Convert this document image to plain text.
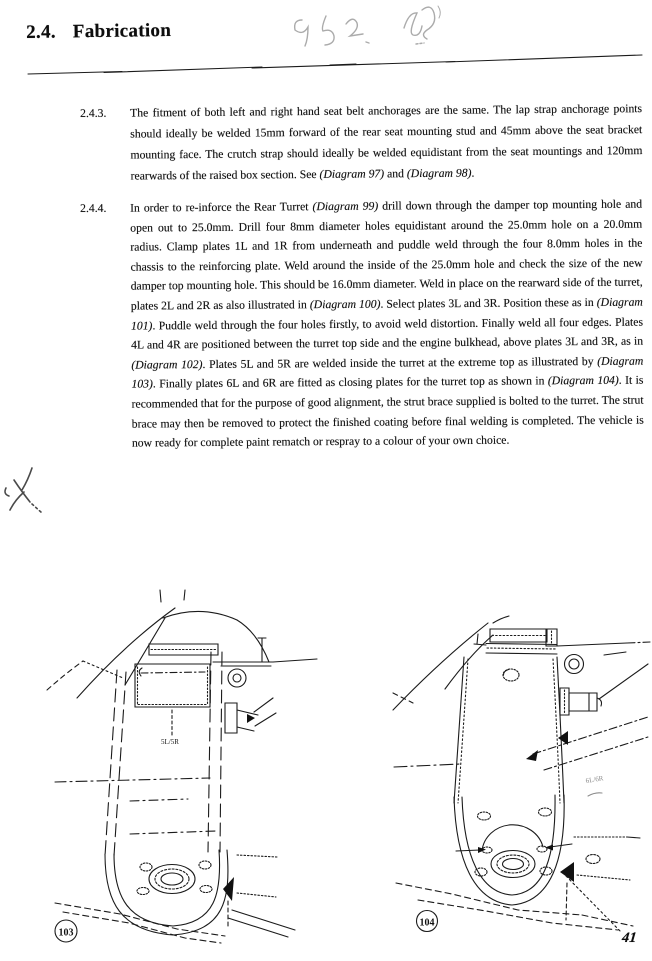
2.4. Fabrication
2.4.3.	The fitment of both left and right hand seat belt anchorages are the same. The lap strap anchorage points should ideally be welded 15mm forward of the rear seat mounting stud and 45mm above the seat bracket mounting face. The crutch strap should ideally be welded equidistant from the seat mountings and 120mm rearwards of the raised box section. See (Diagram 97) and (Diagram 98).
2.4.4.	In order to re-inforce the Rear Turret (Diagram 99) drill down through the damper top mounting hole and open out to 25.0mm. Drill four 8mm diameter holes equidistant around the 25.0mm hole on a 20.0mm radius. Clamp plates 1L and 1R from underneath and puddle weld through the four 8.0mm holes in the chassis to the reinforcing plate. Weld around the inside of the 25.0mm hole and check the size of the new damper top mounting hole. This should be 16.0mm diameter. Weld in place on the rearward side of the turret, plates 2L and 2R as also illustrated in (Diagram 100). Select plates 3L and 3R. Position these as in (Diagram 101). Puddle weld through the four holes firstly, to avoid weld distortion. Finally weld all four edges. Plates 4L and 4R are positioned between the turret top side and the engine bulkhead, above plates 3L and 3R, as in (Diagram 102). Plates 5L and 5R are welded inside the turret at the extreme top as illustrated by (Diagram 103). Finally plates 6L and 6R are fitted as closing plates for the turret top as shown in (Diagram 104). It is recommended that for the purpose of good alignment, the strut brace supplied is bolted to the turret. The strut brace may then be removed to protect the finished coating before final welding is completed. The vehicle is now ready for complete paint rematch or respray to a colour of your own choice.
5L/5R
103
6L/6R
104
41
